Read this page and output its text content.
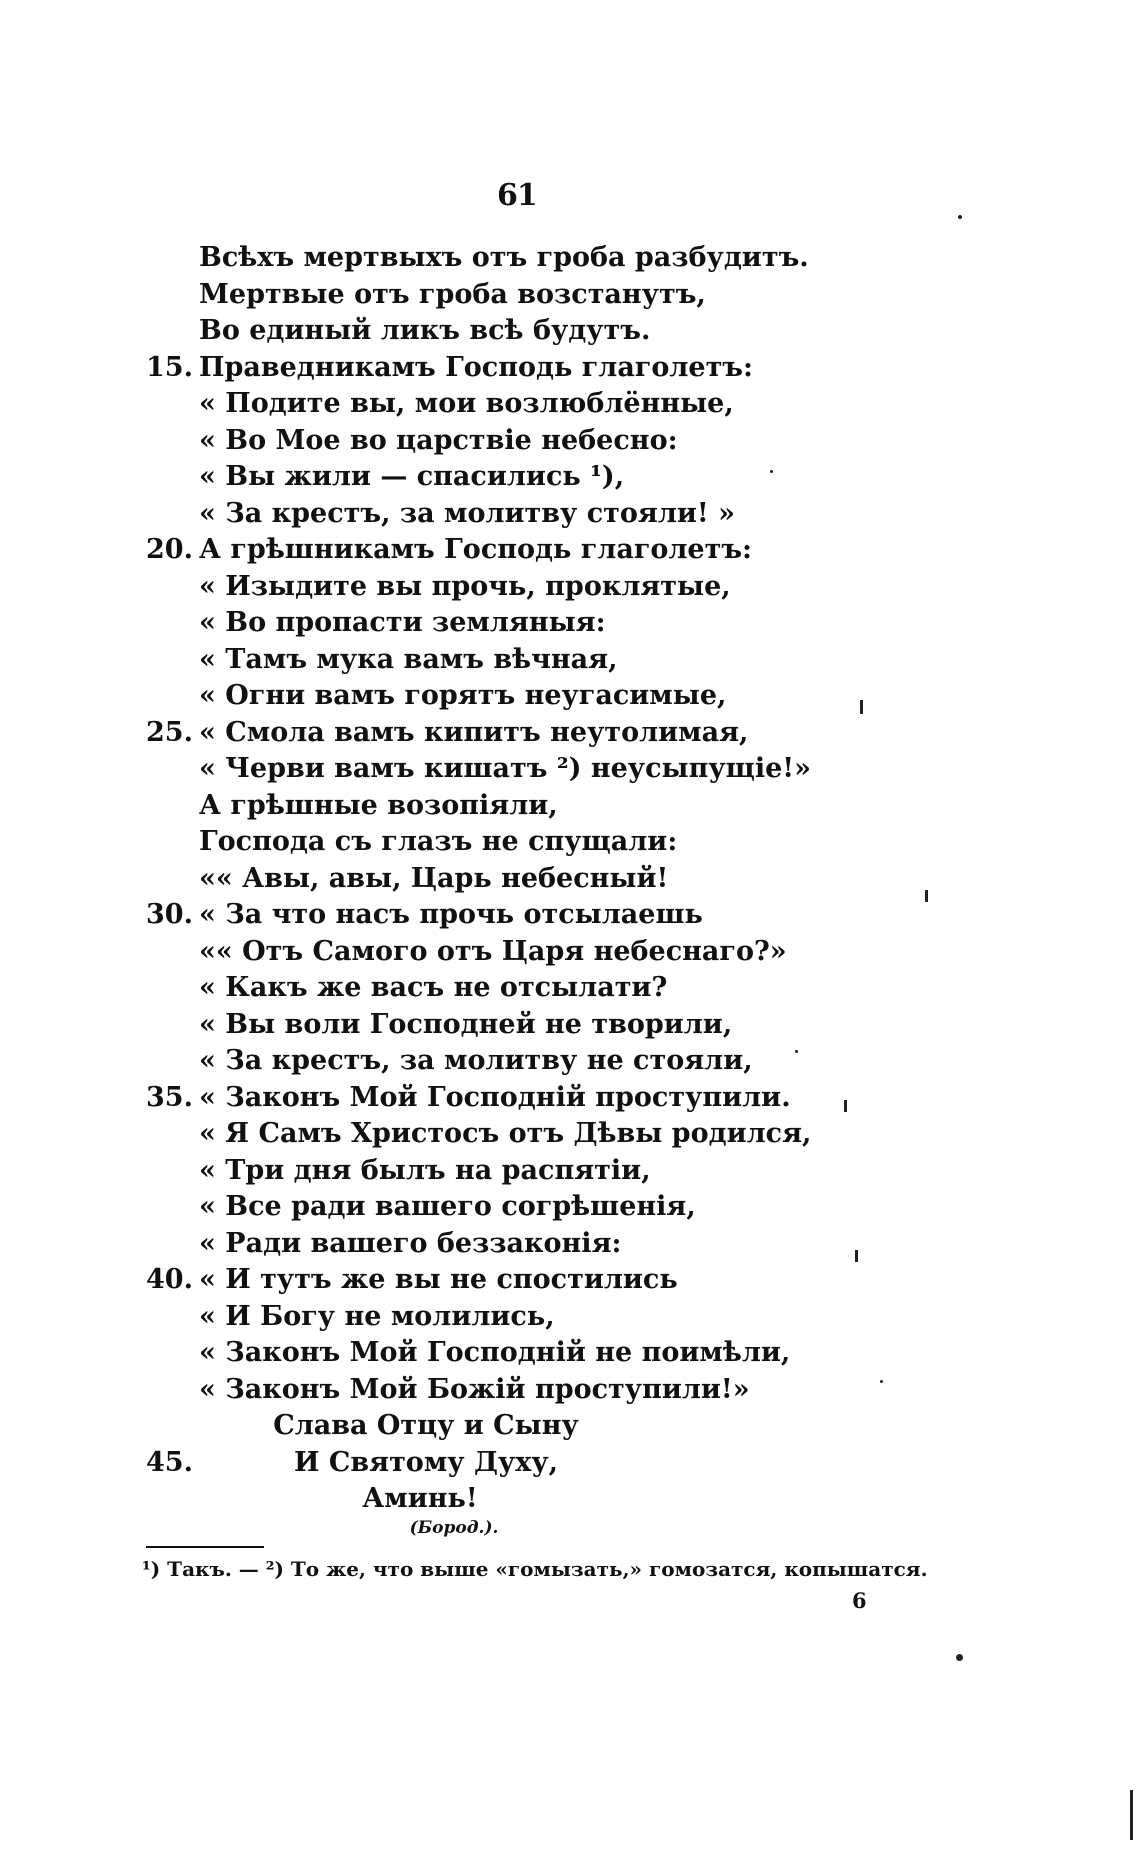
61
Всѣхъ мертвыхъ отъ гроба разбудитъ.
Мертвые отъ гроба возстанутъ,
Во единый ликъ всѣ будутъ.
15. Праведникамъ Господь глаголетъ:
« Подите вы, мои возлюблённые,
« Во Мое во царствіе небесно:
« Вы жили — спасились ¹),
« За крестъ, за молитву стояли! »
20. А грѣшникамъ Господь глаголетъ:
« Изыдите вы прочь, проклятые,
« Во пропасти земляныя:
« Тамъ мука вамъ вѣчная,
« Огни вамъ горятъ неугасимые,
25. « Смола вамъ кипитъ неутолимая,
« Черви вамъ кишатъ ²) неусыпущіе!»
А грѣшные возопіяли,
Господа съ глазъ не спущали:
«« Авы, авы, Царь небесный!
30. « За что насъ прочь отсылаешь
«« Отъ Самого отъ Царя небеснаго?»
« Какъ же васъ не отсылати?
« Вы воли Господней не творили,
« За крестъ, за молитву не стояли,
35. « Законъ Мой Господній проступили.
« Я Самъ Христосъ отъ Дѣвы родился,
« Три дня былъ на распятіи,
« Все ради вашего согрѣшенія,
« Ради вашего беззаконія:
40. « И тутъ же вы не спостились
« И Богу не молились,
« Законъ Мой Господній не поимѣли,
« Законъ Мой Божій проступили!»
Слава Отцу и Сыну
45.	И Святому Духу,
Аминь!
(Бород.).
¹) Такъ. — ²) То же, что выше «гомызать,» гомозатся, копышатся.
6
